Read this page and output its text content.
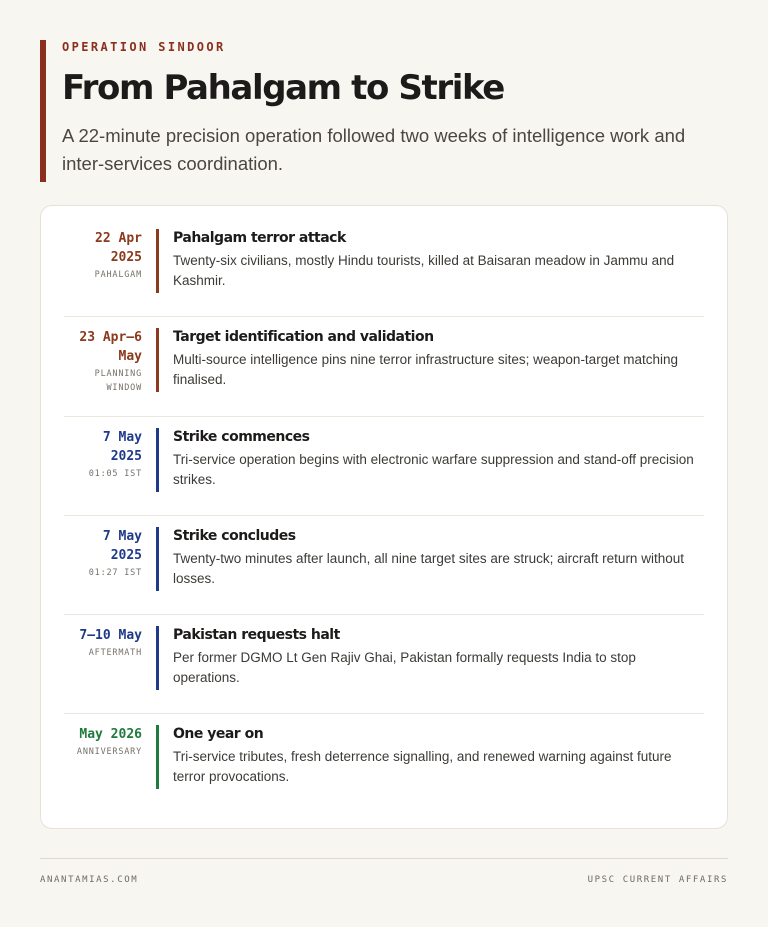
OPERATION SINDOOR
From Pahalgam to Strike

A 22-minute precision operation followed two weeks of intelligence work and inter-services coordination.

22 Apr 2025
PAHALGAM
Pahalgam terror attack
Twenty-six civilians, mostly Hindu tourists, killed at Baisaran meadow in Jammu and Kashmir.
23 Apr–6 May
PLANNING WINDOW
Target identification and validation
Multi-source intelligence pins nine terror infrastructure sites; weapon-target matching finalised.
7 May 2025
01:05 IST
Strike commences
Tri-service operation begins with electronic warfare suppression and stand-off precision strikes.
7 May 2025
01:27 IST
Strike concludes
Twenty-two minutes after launch, all nine target sites are struck; aircraft return without losses.
7–10 May
AFTERMATH
Pakistan requests halt
Per former DGMO Lt Gen Rajiv Ghai, Pakistan formally requests India to stop operations.
May 2026
ANNIVERSARY
One year on
Tri-service tributes, fresh deterrence signalling, and renewed warning against future terror provocations.
ANANTAMIAS.COM	UPSC CURRENT AFFAIRS
